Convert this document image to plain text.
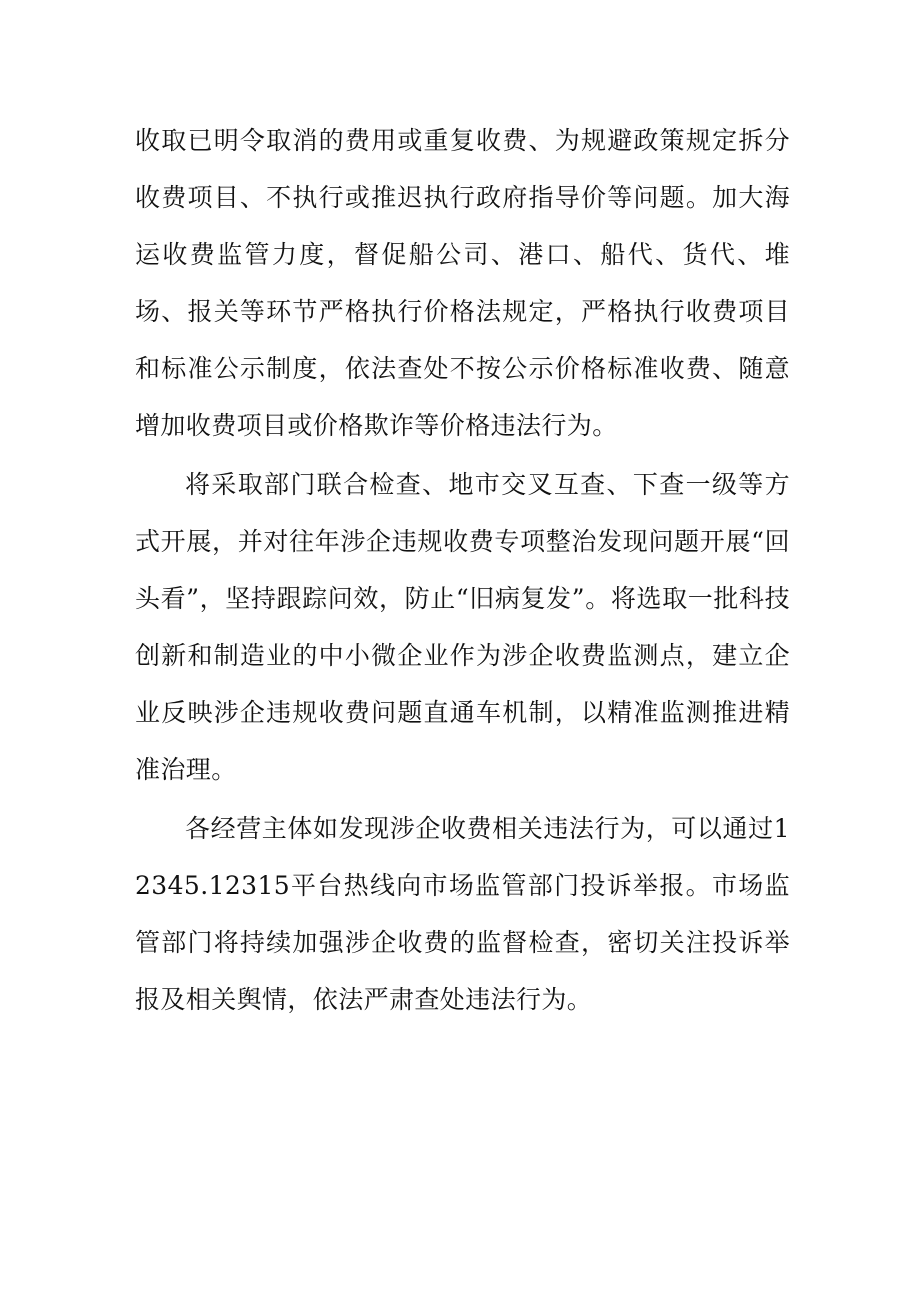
收取已明令取消的费用或重复收费、为规避政策规定拆分收费项目、不执行或推迟执行政府指导价等问题。加大海运收费监管力度，督促船公司、港口、船代、货代、堆场、报关等环节严格执行价格法规定，严格执行收费项目和标准公示制度，依法查处不按公示价格标准收费、随意增加收费项目或价格欺诈等价格违法行为。

将采取部门联合检查、地市交叉互查、下查一级等方式开展，并对往年涉企违规收费专项整治发现问题开展“回头看”，坚持跟踪问效，防止“旧病复发”。将选取一批科技创新和制造业的中小微企业作为涉企收费监测点，建立企业反映涉企违规收费问题直通车机制，以精准监测推进精准治理。

各经营主体如发现涉企收费相关违法行为，可以通过12345.12315平台热线向市场监管部门投诉举报。市场监管部门将持续加强涉企收费的监督检查，密切关注投诉举报及相关舆情，依法严肃查处违法行为。
